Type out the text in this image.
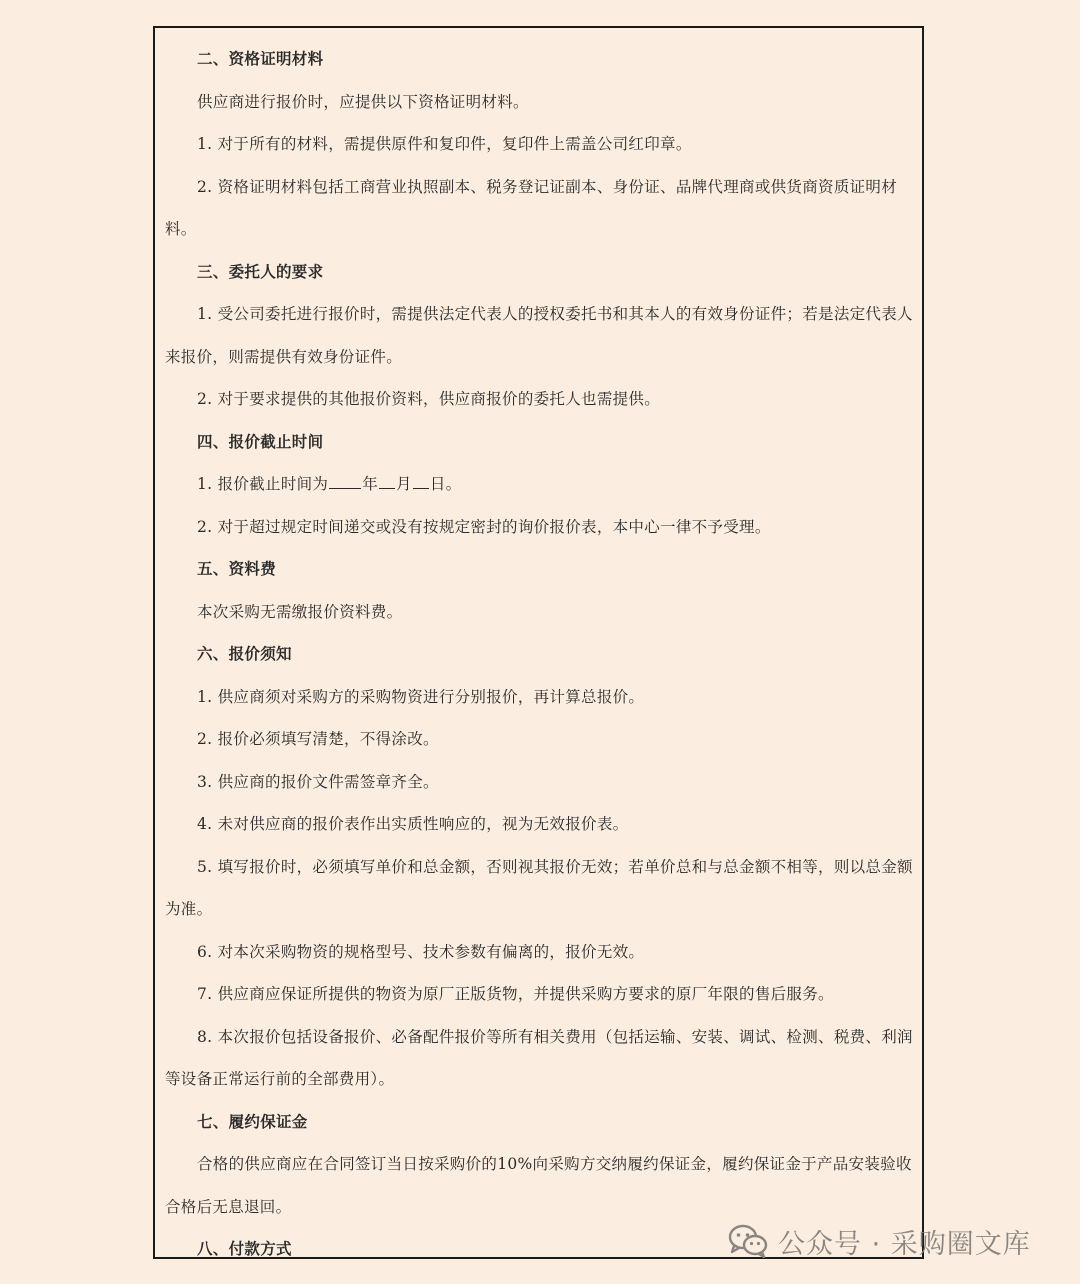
二、资格证明材料

供应商进行报价时，应提供以下资格证明材料。

1. 对于所有的材料，需提供原件和复印件，复印件上需盖公司红印章。

2. 资格证明材料包括工商营业执照副本、税务登记证副本、身份证、品牌代理商或供货商资质证明材料。

三、委托人的要求

1. 受公司委托进行报价时，需提供法定代表人的授权委托书和其本人的有效身份证件；若是法定代表人来报价，则需提供有效身份证件。

2. 对于要求提供的其他报价资料，供应商报价的委托人也需提供。

四、报价截止时间

1. 报价截止时间为 年 月 日。

2. 对于超过规定时间递交或没有按规定密封的询价报价表，本中心一律不予受理。

五、资料费

本次采购无需缴报价资料费。

六、报价须知

1. 供应商须对采购方的采购物资进行分别报价，再计算总报价。

2. 报价必须填写清楚，不得涂改。

3. 供应商的报价文件需签章齐全。

4. 未对供应商的报价表作出实质性响应的，视为无效报价表。

5. 填写报价时，必须填写单价和总金额，否则视其报价无效；若单价总和与总金额不相等，则以总金额为准。

6. 对本次采购物资的规格型号、技术参数有偏离的，报价无效。

7. 供应商应保证所提供的物资为原厂正版货物，并提供采购方要求的原厂年限的售后服务。

8. 本次报价包括设备报价、必备配件报价等所有相关费用（包括运输、安装、调试、检测、税费、利润等设备正常运行前的全部费用）。

七、履约保证金

合格的供应商应在合同签订当日按采购价的10%向采购方交纳履约保证金，履约保证金于产品安装验收合格后无息退回。

八、付款方式	公众号 · 采购圈文库
